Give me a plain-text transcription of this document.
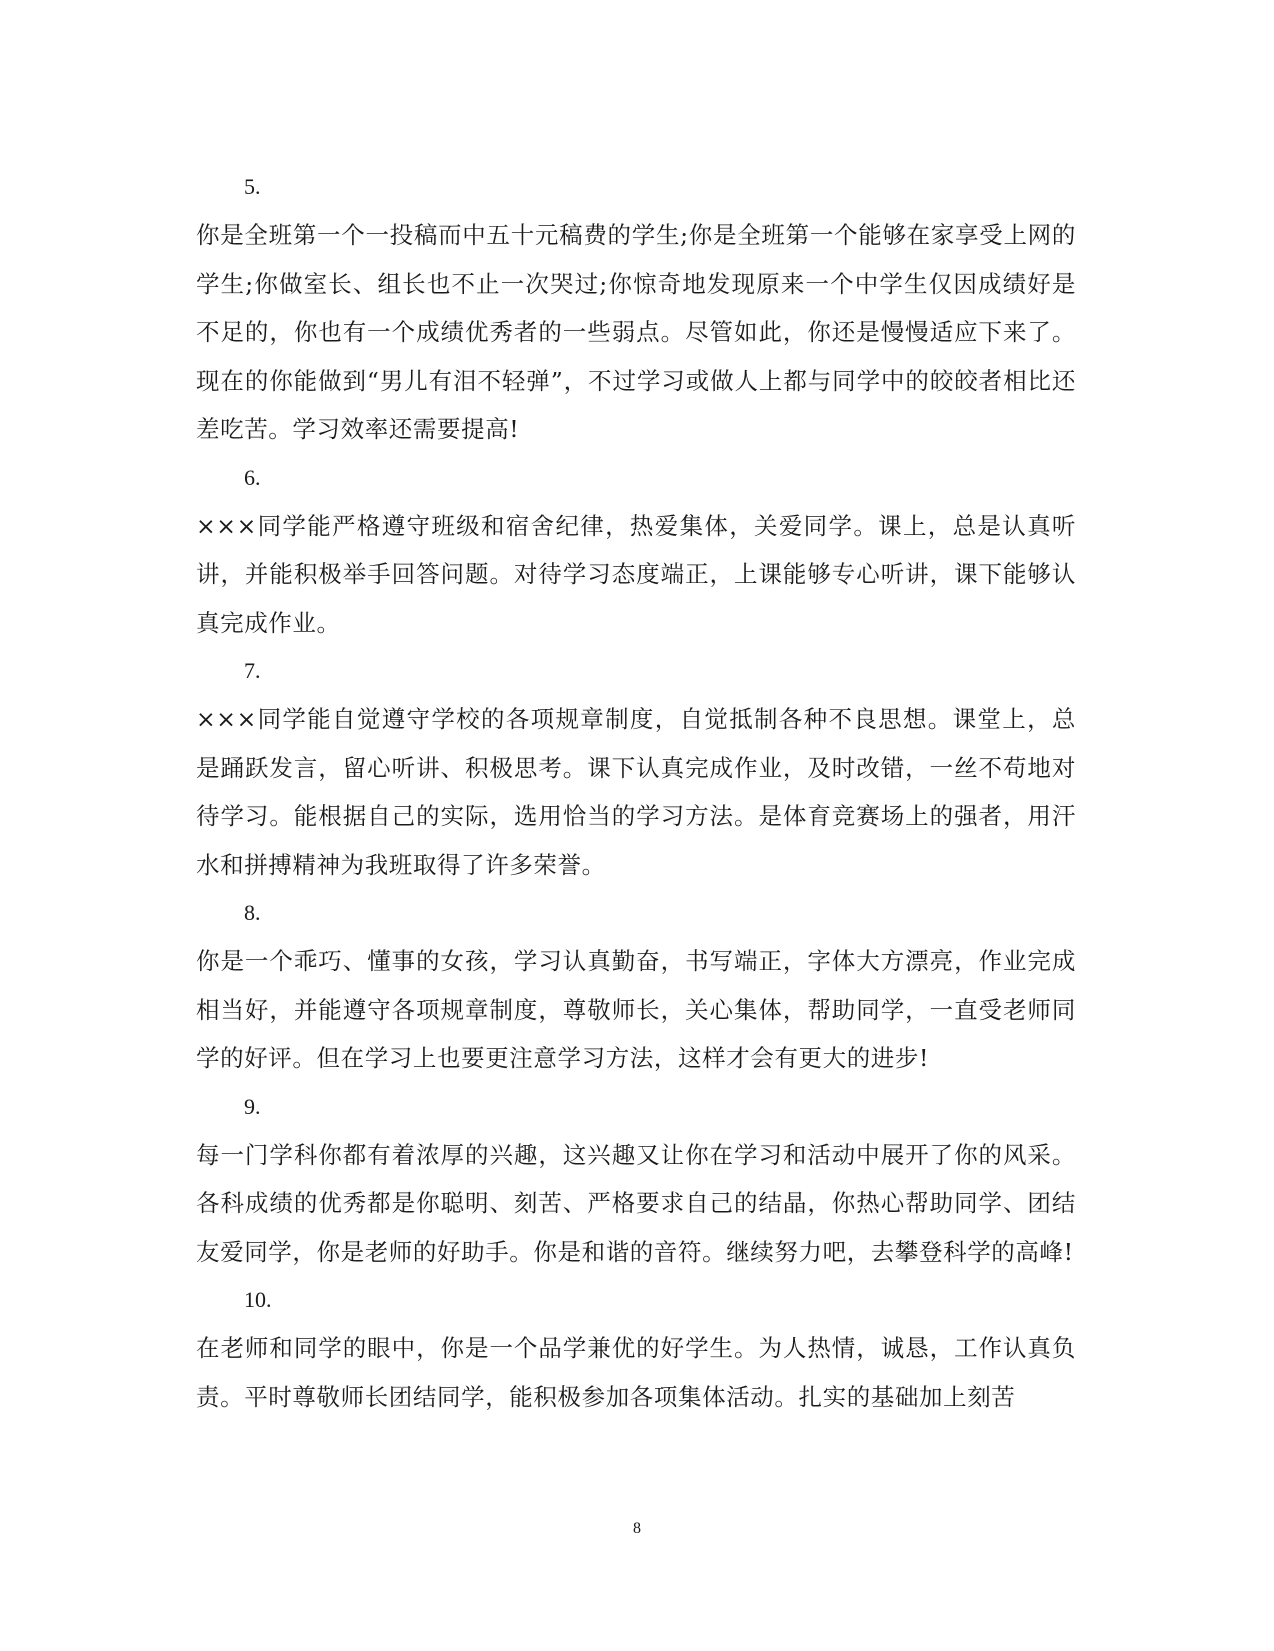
5.

你是全班第一个一投稿而中五十元稿费的学生;你是全班第一个能够在家享受上网的学生;你做室长、组长也不止一次哭过;你惊奇地发现原来一个中学生仅因成绩好是不足的，你也有一个成绩优秀者的一些弱点。尽管如此，你还是慢慢适应下来了。现在的你能做到“男儿有泪不轻弹”，不过学习或做人上都与同学中的皎皎者相比还差吃苦。学习效率还需要提高!

6.

×××同学能严格遵守班级和宿舍纪律，热爱集体，关爱同学。课上，总是认真听讲，并能积极举手回答问题。对待学习态度端正，上课能够专心听讲，课下能够认真完成作业。

7.

×××同学能自觉遵守学校的各项规章制度，自觉抵制各种不良思想。课堂上，总是踊跃发言，留心听讲、积极思考。课下认真完成作业，及时改错，一丝不苟地对待学习。能根据自己的实际，选用恰当的学习方法。是体育竞赛场上的强者，用汗水和拼搏精神为我班取得了许多荣誉。

8.

你是一个乖巧、懂事的女孩，学习认真勤奋，书写端正，字体大方漂亮，作业完成相当好，并能遵守各项规章制度，尊敬师长，关心集体，帮助同学，一直受老师同学的好评。但在学习上也要更注意学习方法，这样才会有更大的进步!

9.

每一门学科你都有着浓厚的兴趣，这兴趣又让你在学习和活动中展开了你的风采。各科成绩的优秀都是你聪明、刻苦、严格要求自己的结晶，你热心帮助同学、团结友爱同学，你是老师的好助手。你是和谐的音符。继续努力吧，去攀登科学的高峰!

10.

在老师和同学的眼中，你是一个品学兼优的好学生。为人热情，诚恳，工作认真负责。平时尊敬师长团结同学，能积极参加各项集体活动。扎实的基础加上刻苦

8
